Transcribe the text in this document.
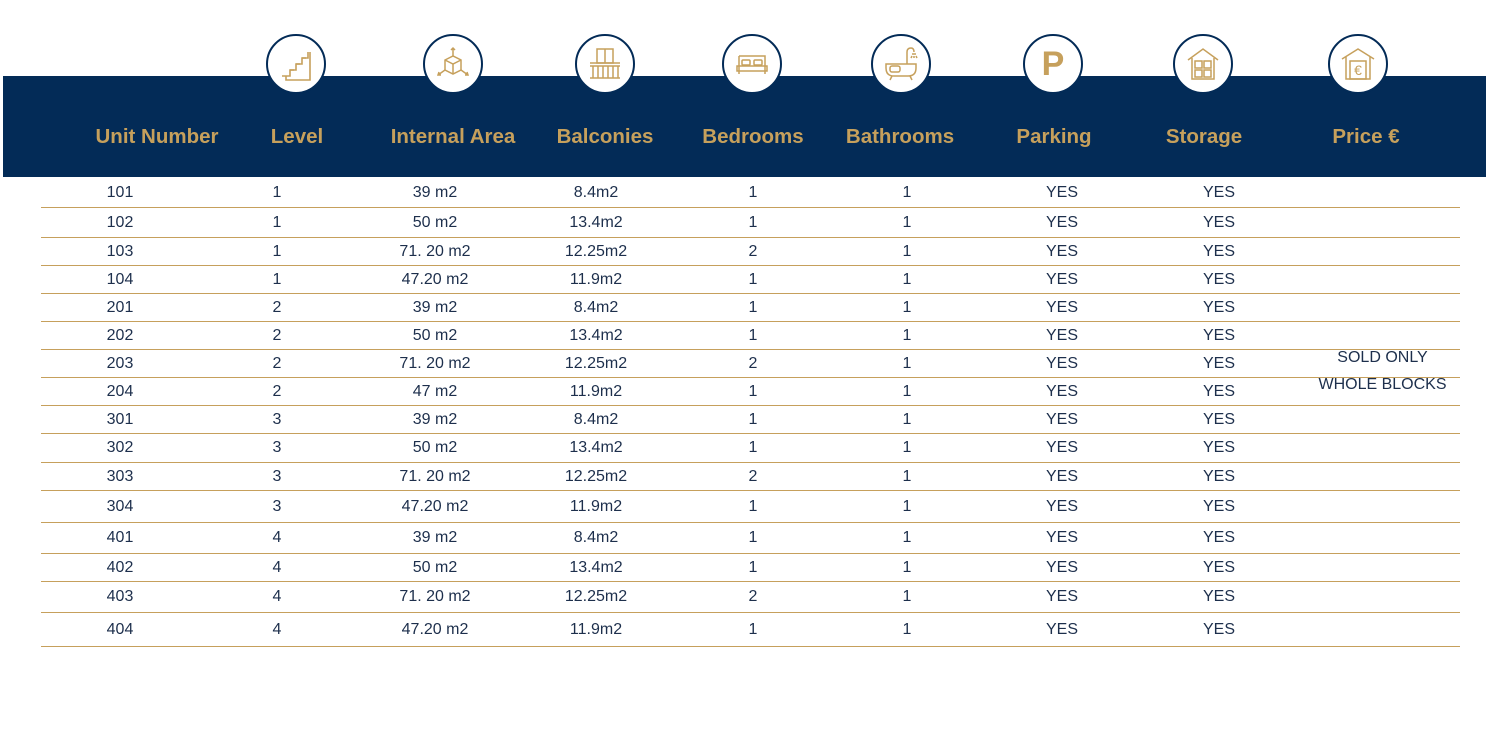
P	€
Unit Number	Level	Internal Area	Balconies	Bedrooms	Bathrooms	Parking	Storage	Price €
101	1	39 m2	8.4m2	1	1	YES	YES
102	1	50 m2	13.4m2	1	1	YES	YES
103	1	71. 20 m2	12.25m2	2	1	YES	YES
104	1	47.20 m2	11.9m2	1	1	YES	YES
201	2	39 m2	8.4m2	1	1	YES	YES
202	2	50 m2	13.4m2	1	1	YES	YES
203	2	71. 20 m2	12.25m2	2	1	YES	YES
204	2	47 m2	11.9m2	1	1	YES	YES
301	3	39 m2	8.4m2	1	1	YES	YES
302	3	50 m2	13.4m2	1	1	YES	YES
303	3	71. 20 m2	12.25m2	2	1	YES	YES
304	3	47.20 m2	11.9m2	1	1	YES	YES
401	4	39 m2	8.4m2	1	1	YES	YES
402	4	50 m2	13.4m2	1	1	YES	YES
403	4	71. 20 m2	12.25m2	2	1	YES	YES
404	4	47.20 m2	11.9m2	1	1	YES	YES
SOLD ONLY
WHOLE BLOCKS
